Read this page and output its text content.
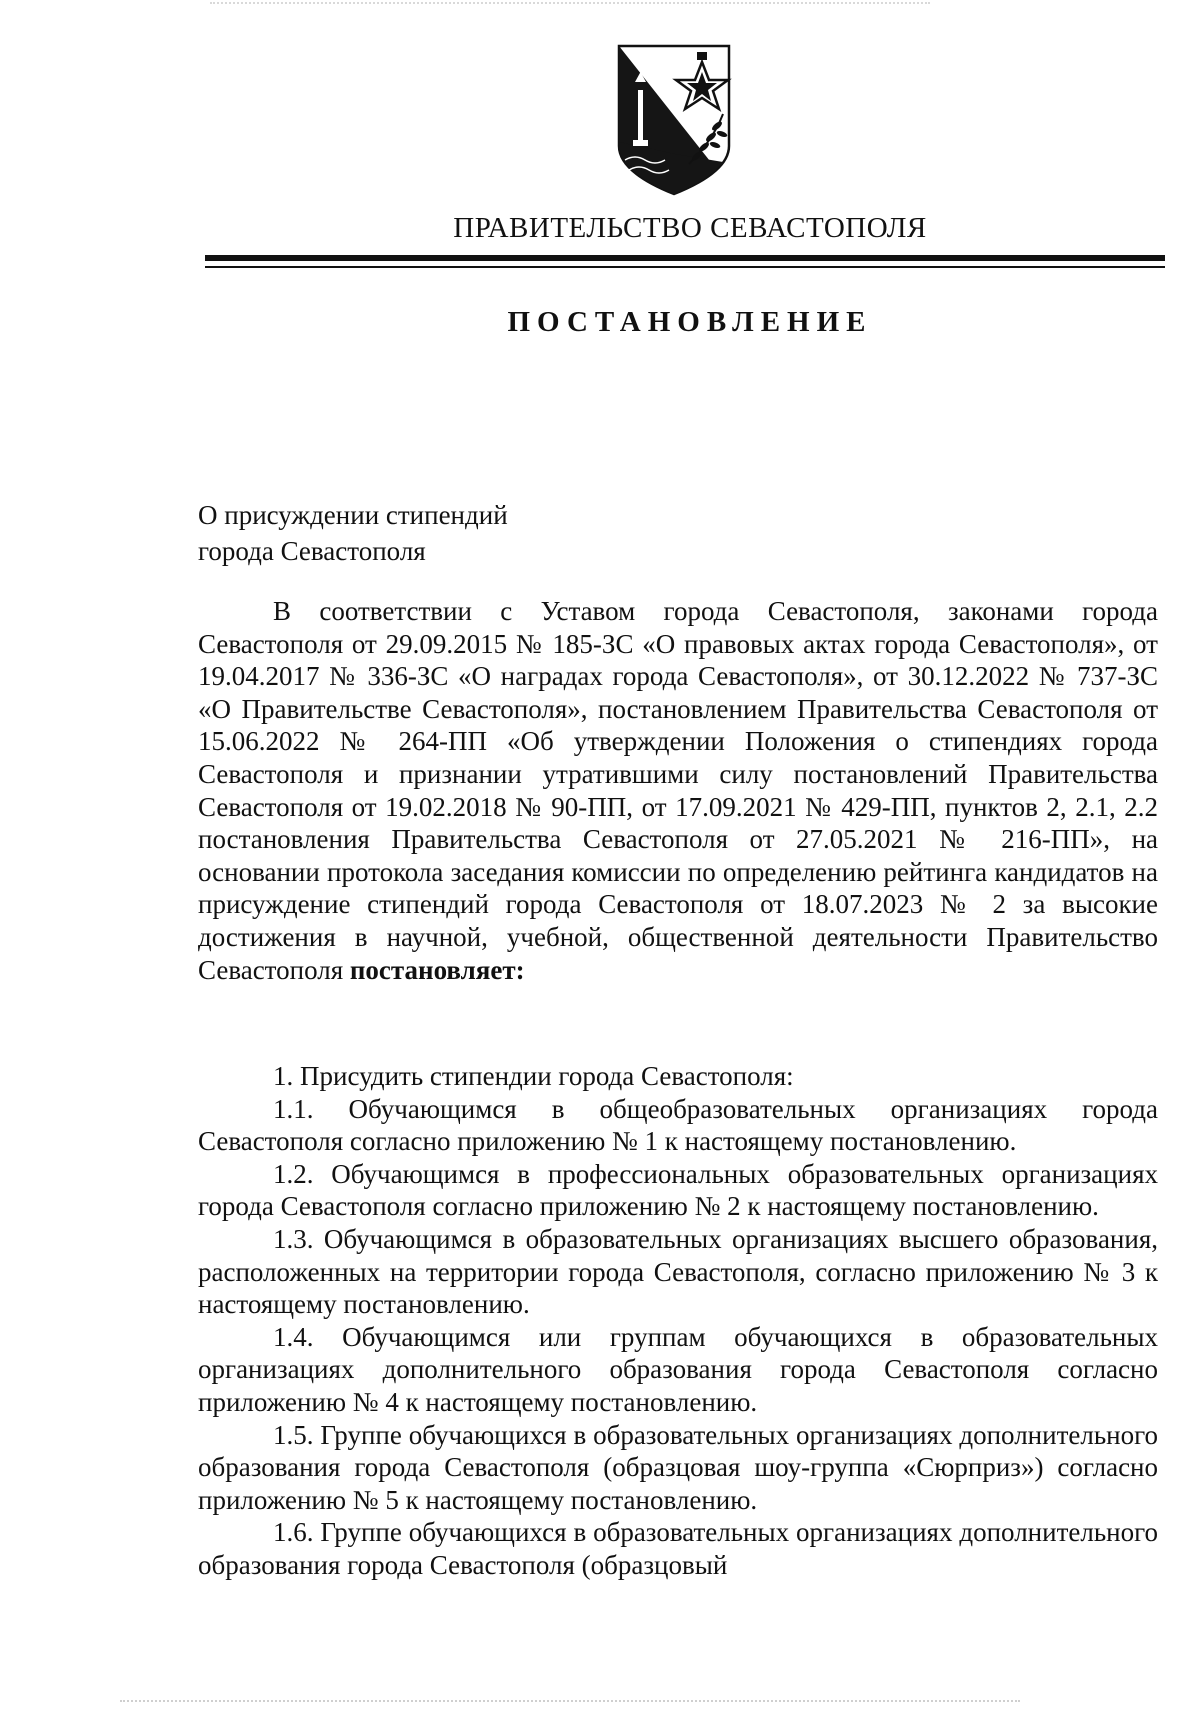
ПРАВИТЕЛЬСТВО СЕВАСТОПОЛЯ
ПОСТАНОВЛЕНИЕ
О присуждении стипендий
города Севастополя

В соответствии с Уставом города Севастополя, законами города Севастополя от 29.09.2015 № 185-ЗС «О правовых актах города Севастополя», от 19.04.2017 № 336-ЗС «О наградах города Севастополя», от 30.12.2022 № 737-ЗС «О Правительстве Севастополя», постановлением Правительства Севастополя от 15.06.2022 № 264-ПП «Об утверждении Положения о стипендиях города Севастополя и признании утратившими силу постановлений Правительства Севастополя от 19.02.2018 № 90-ПП, от 17.09.2021 № 429-ПП, пунктов 2, 2.1, 2.2 постановления Правительства Севастополя от 27.05.2021 № 216-ПП», на основании протокола заседания комиссии по определению рейтинга кандидатов на присуждение стипендий города Севастополя от 18.07.2023 № 2 за высокие достижения в научной, учебной, общественной деятельности Правительство Севастополя постановляет:

1. Присудить стипендии города Севастополя:

1.1. Обучающимся в общеобразовательных организациях города Севастополя согласно приложению № 1 к настоящему постановлению.

1.2. Обучающимся в профессиональных образовательных организациях города Севастополя согласно приложению № 2 к настоящему постановлению.

1.3. Обучающимся в образовательных организациях высшего образования, расположенных на территории города Севастополя, согласно приложению № 3 к настоящему постановлению.

1.4. Обучающимся или группам обучающихся в образовательных организациях дополнительного образования города Севастополя согласно приложению № 4 к настоящему постановлению.

1.5. Группе обучающихся в образовательных организациях дополнительного образования города Севастополя (образцовая шоу-группа «Сюрприз») согласно приложению № 5 к настоящему постановлению.

1.6. Группе обучающихся в образовательных организациях дополнительного образования города Севастополя (образцовый
